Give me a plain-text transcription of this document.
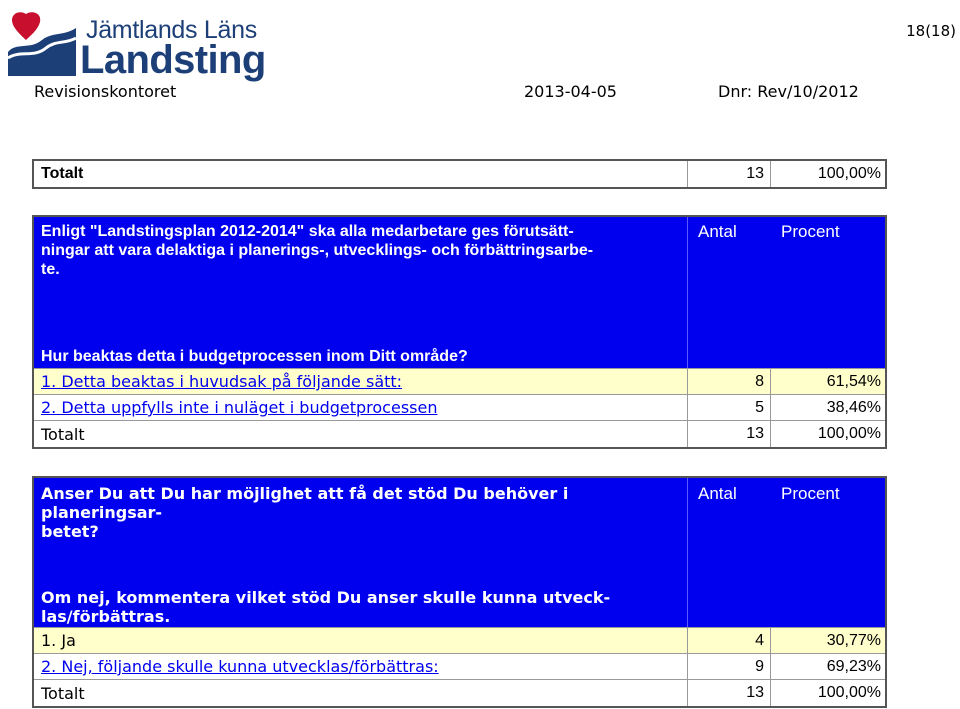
Jämtlands Läns
Landsting
18(18)
Revisionskontoret	2013-04-05	Dnr: Rev/10/2012
Totalt	13	100,00%
Enligt "Landstingsplan 2012-2014" ska alla medarbetare ges förutsätt-
ningar att vara delaktiga i planerings-, utvecklings- och förbättringsarbe-
te.
Hur beaktas detta i budgetprocessen inom Ditt område?
Antal	Procent
1. Detta beaktas i huvudsak på följande sätt:	8	61,54%
2. Detta uppfylls inte i nuläget i budgetprocessen	5	38,46%
Totalt	13	100,00%
Anser Du att Du har möjlighet att få det stöd Du behöver i planeringsar-
betet?
Om nej, kommentera vilket stöd Du anser skulle kunna utveck-
las/förbättras.
Antal	Procent
1. Ja	4	30,77%
2. Nej, följande skulle kunna utvecklas/förbättras:	9	69,23%
Totalt	13	100,00%
